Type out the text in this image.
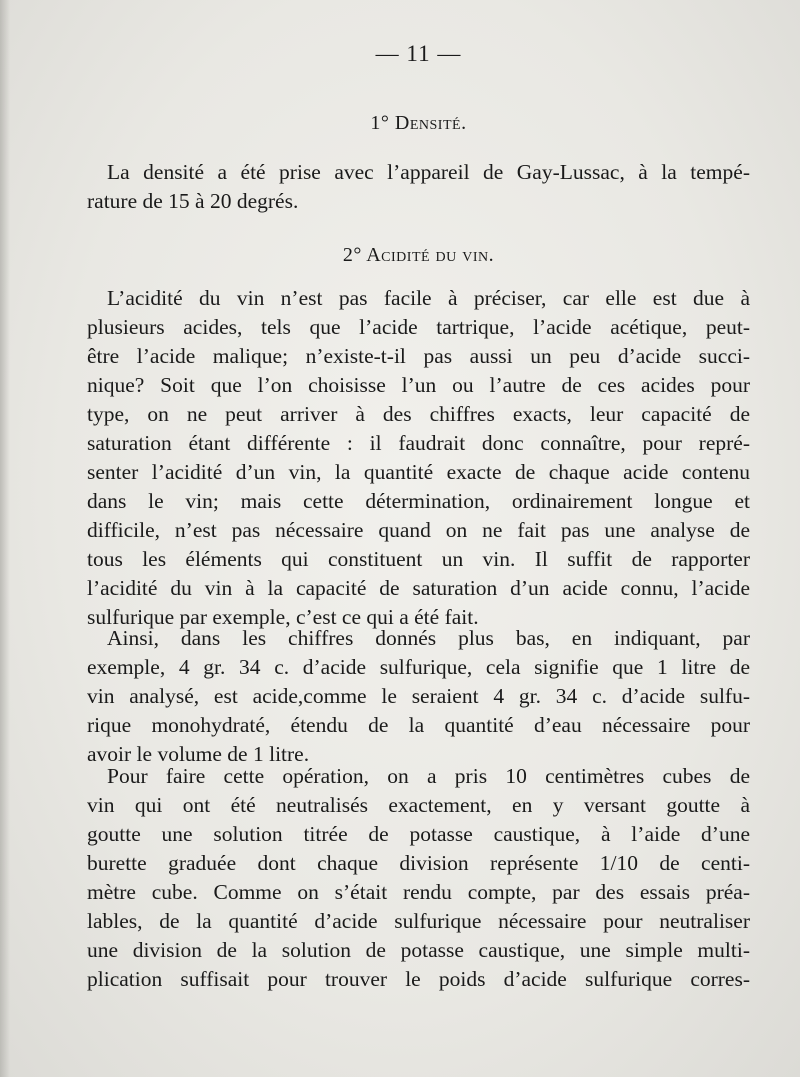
— 11 —
1° Densité.
La densité a été prise avec l’appareil de Gay-Lussac, à la tempé-
rature de 15 à 20 degrés.
2° Acidité du vin.
L’acidité du vin n’est pas facile à préciser, car elle est due à
plusieurs acides, tels que l’acide tartrique, l’acide acétique, peut-
être l’acide malique; n’existe-t-il pas aussi un peu d’acide succi-
nique? Soit que l’on choisisse l’un ou l’autre de ces acides pour
type, on ne peut arriver à des chiffres exacts, leur capacité de
saturation étant différente : il faudrait donc connaître, pour repré-
senter l’acidité d’un vin, la quantité exacte de chaque acide contenu
dans le vin; mais cette détermination, ordinairement longue et
difficile, n’est pas nécessaire quand on ne fait pas une analyse de
tous les éléments qui constituent un vin. Il suffit de rapporter
l’acidité du vin à la capacité de saturation d’un acide connu, l’acide
sulfurique par exemple, c’est ce qui a été fait.
Ainsi, dans les chiffres donnés plus bas, en indiquant, par
exemple, 4 gr. 34 c. d’acide sulfurique, cela signifie que 1 litre de
vin analysé, est acide,comme le seraient 4 gr. 34 c. d’acide sulfu-
rique monohydraté, étendu de la quantité d’eau nécessaire pour
avoir le volume de 1 litre.
Pour faire cette opération, on a pris 10 centimètres cubes de
vin qui ont été neutralisés exactement, en y versant goutte à
goutte une solution titrée de potasse caustique, à l’aide d’une
burette graduée dont chaque division représente 1/10 de centi-
mètre cube. Comme on s’était rendu compte, par des essais préa-
lables, de la quantité d’acide sulfurique nécessaire pour neutraliser
une division de la solution de potasse caustique, une simple multi-
plication suffisait pour trouver le poids d’acide sulfurique corres-
